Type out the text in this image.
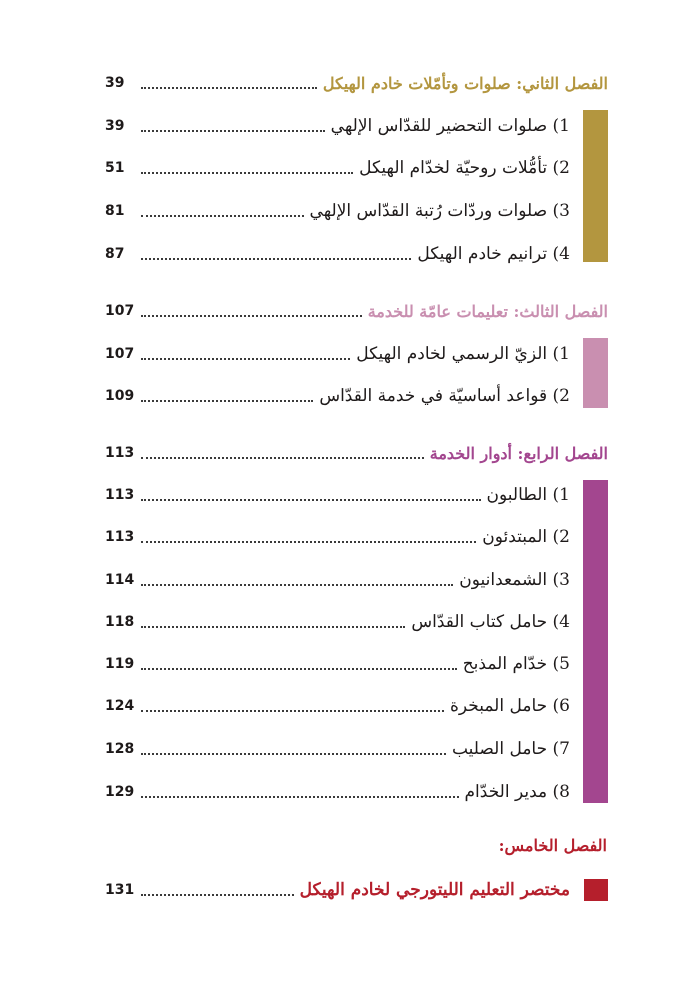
39	الفصل الثاني: صلوات وتأمّلات خادم الهيكل
39	1) صلوات التحضير للقدّاس الإلهي
51	2) تأمُّلات روحيّة لخدّام الهيكل
81	3) صلوات وردّات رُتبة القدّاس الإلهي
87	4) ترانيم خادم الهيكل
107	الفصل الثالث: تعليمات عامّة للخدمة
107	1) الزيّ الرسمي لخادم الهيكل
109	2) قواعد أساسيّة في خدمة القدّاس
113	الفصل الرابع: أدوار الخدمة
113	1) الطالبون
113	2) المبتدئون
114	3) الشمعدانيون
118	4) حامل كتاب القدّاس
119	5) خدّام المذبح
124	6) حامل المبخرة
128	7) حامل الصليب
129	8) مدير الخدّام
الفصل الخامس:
131	مختصر التعليم الليتورجي لخادم الهيكل
